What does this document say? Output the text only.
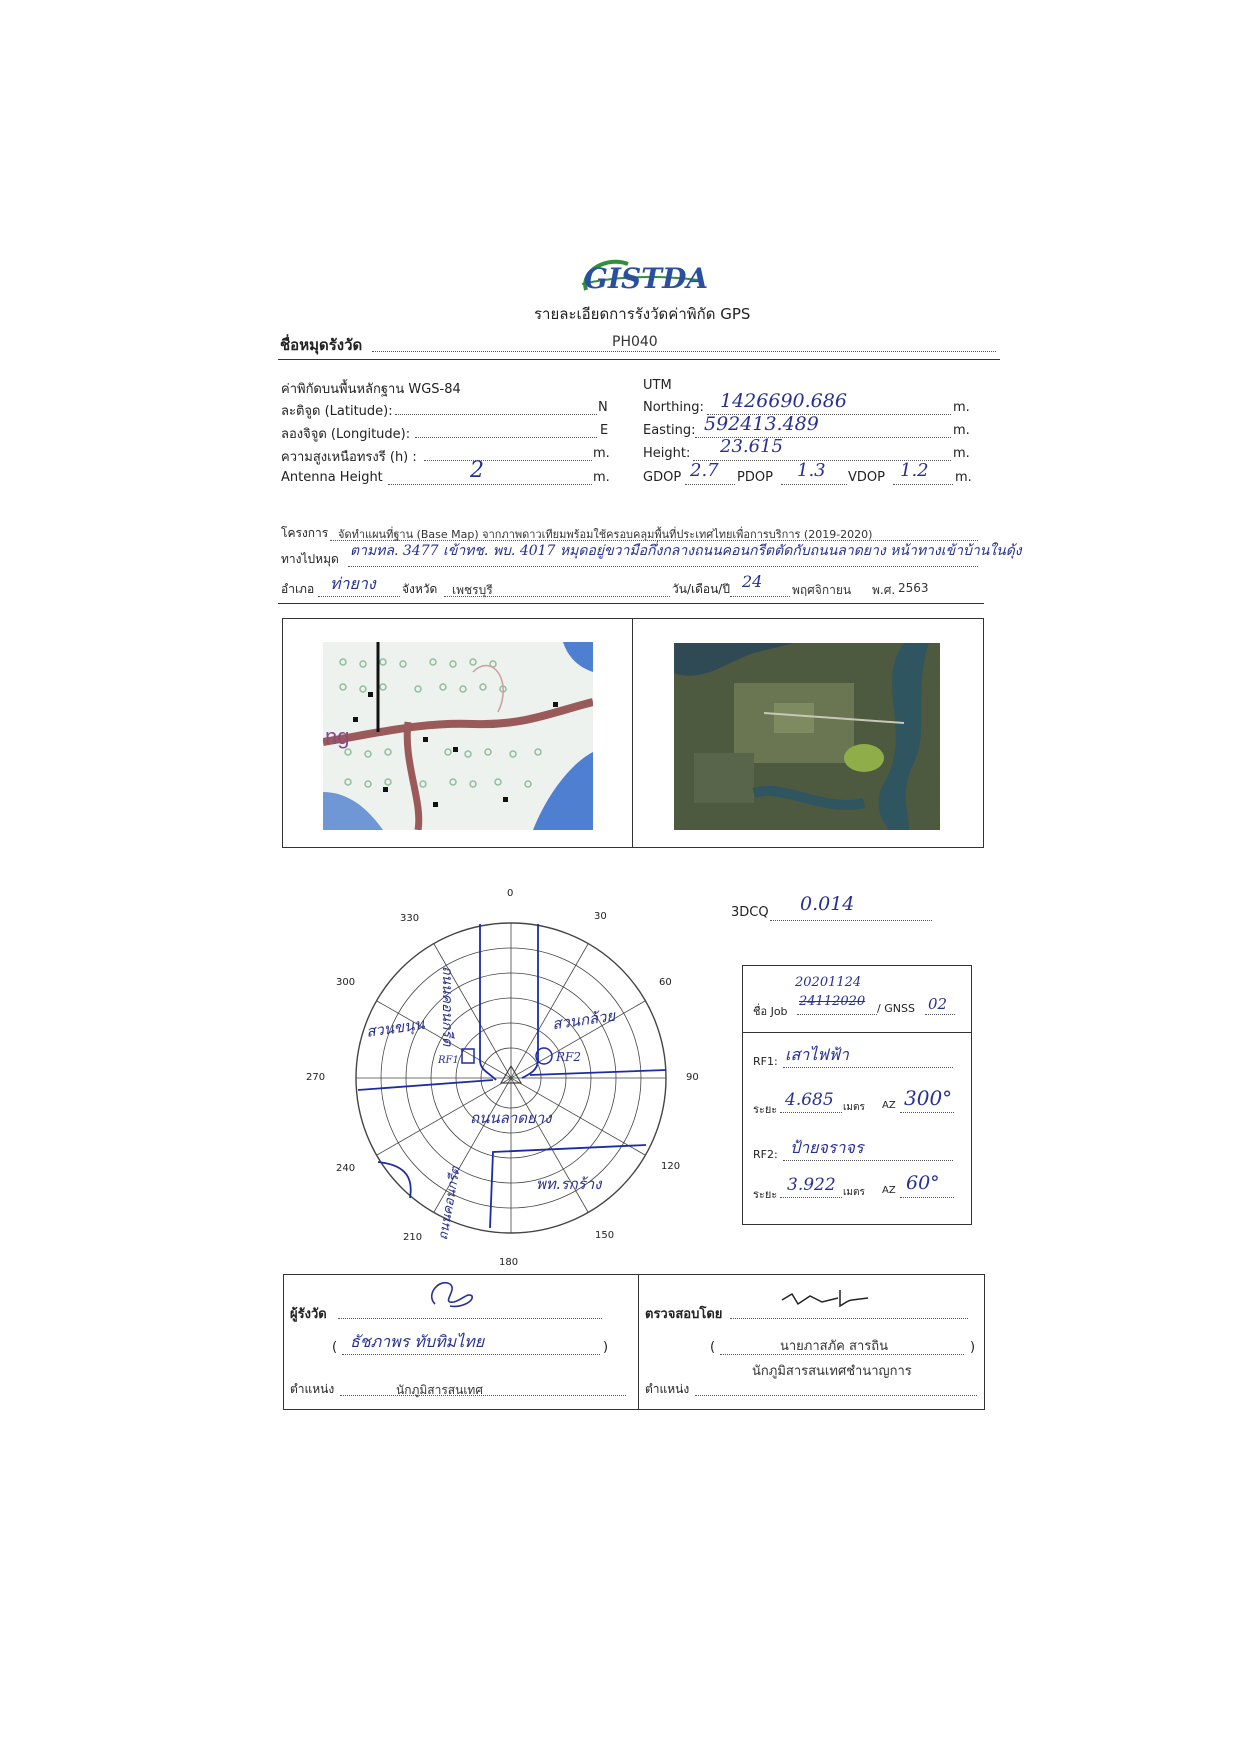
GISTDA
รายละเอียดการรังวัดค่าพิกัด GPS
ชื่อหมุดรังวัด	PH040
ค่าพิกัดบนพื้นหลักฐาน WGS-84
ละติจูด (Latitude):	N
ลองจิจูด (Longitude):	E
ความสูงเหนือทรงรี (h) :	m.
Antenna Height	2	m.
UTM
Northing: 1426690.686	m.
Easting: 592413.489	m.
Height: 23.615	m.
GDOP 2.7 PDOP 1.3 VDOP 1.2 m.
โครงการ จัดทำแผนที่ฐาน (Base Map) จากภาพดาวเทียมพร้อมใช้ครอบคลุมพื้นที่ประเทศไทยเพื่อการบริการ (2019-2020)
ทางไปหมุด ตามทล. 3477 เข้าทช. พบ. 4017 หมุดอยู่ขวามือกึ่งกลางถนนคอนกรีตตัดกับถนนลาดยาง หน้าทางเข้าบ้านในดุ้ง
อำเภอ ท่ายาง จังหวัด เพชรบุรี	วัน/เดือน/ปี 24 พฤศจิกายน พ.ศ. 2563
ng
0
30
60
90
120
150
180
210
240
270
300
330
ถนนคอนกรีต
สวนขนุน	สวนกล้วย
RF1	RF2
ถนนลาดยาง
พท.รกร้าง
ถนนคอนกรีต
3DCQ 0.014
20201124
ชื่อ Job
24112020 / GNSS 02
RF1: เสาไฟฟ้า
ระยะ 4.685 เมตร AZ 300°
RF2: ป้ายจราจร
ระยะ 3.922 เมตร AZ 60°
ผู้รังวัด
( ธัชภาพร ทับทิมไทย	)
ตำแหน่ง	นักภูมิสารสนเทศ
ตรวจสอบโดย
(	นายภาสภัค สารถิน	)
นักภูมิสารสนเทศชำนาญการ
ตำแหน่ง
